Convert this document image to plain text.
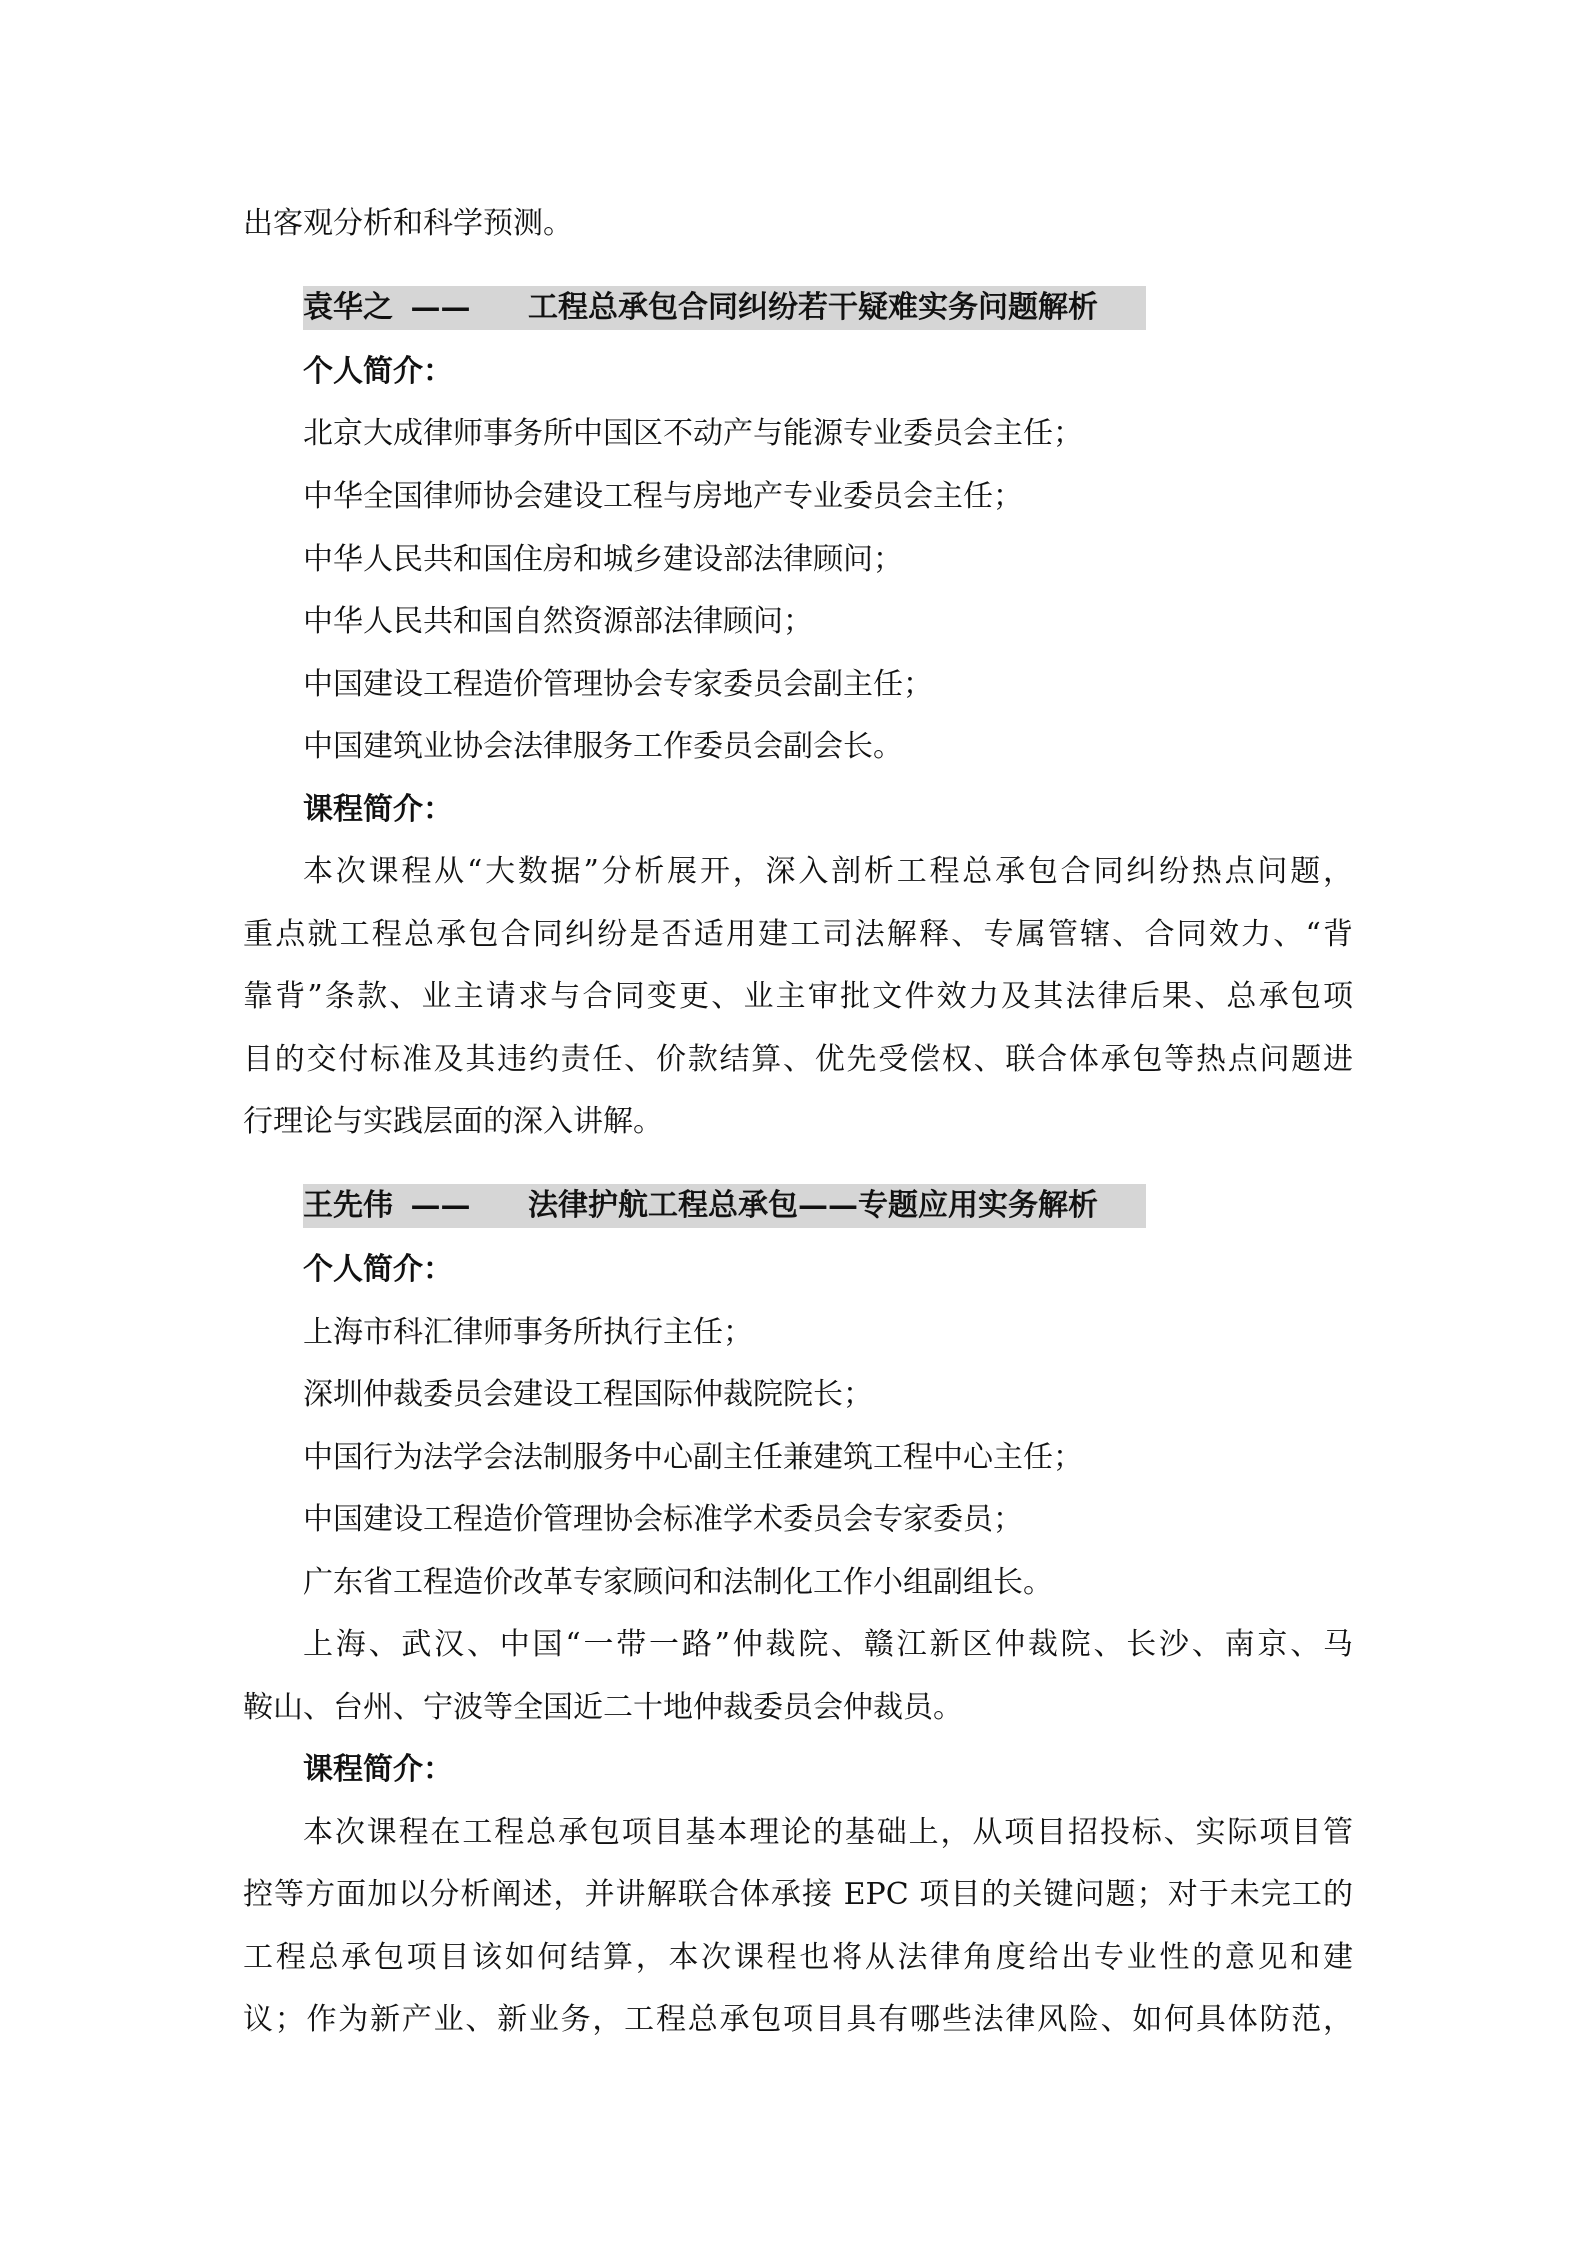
出客观分析和科学预测。
袁华之 —— 工程总承包合同纠纷若干疑难实务问题解析
个人简介：
北京大成律师事务所中国区不动产与能源专业委员会主任；
中华全国律师协会建设工程与房地产专业委员会主任；
中华人民共和国住房和城乡建设部法律顾问；
中华人民共和国自然资源部法律顾问；
中国建设工程造价管理协会专家委员会副主任；
中国建筑业协会法律服务工作委员会副会长。
课程简介：
本次课程从“大数据”分析展开，深入剖析工程总承包合同纠纷热点问题，
重点就工程总承包合同纠纷是否适用建工司法解释、专属管辖、合同效力、“背
靠背”条款、业主请求与合同变更、业主审批文件效力及其法律后果、总承包项
目的交付标准及其违约责任、价款结算、优先受偿权、联合体承包等热点问题进
行理论与实践层面的深入讲解。
王先伟 —— 法律护航工程总承包——专题应用实务解析
个人简介：
上海市科汇律师事务所执行主任；
深圳仲裁委员会建设工程国际仲裁院院长；
中国行为法学会法制服务中心副主任兼建筑工程中心主任；
中国建设工程造价管理协会标准学术委员会专家委员；
广东省工程造价改革专家顾问和法制化工作小组副组长。
上海、武汉、中国“一带一路”仲裁院、赣江新区仲裁院、长沙、南京、马
鞍山、台州、宁波等全国近二十地仲裁委员会仲裁员。
课程简介：
本次课程在工程总承包项目基本理论的基础上，从项目招投标、实际项目管
控等方面加以分析阐述，并讲解联合体承接 EPC 项目的关键问题；对于未完工的
工程总承包项目该如何结算，本次课程也将从法律角度给出专业性的意见和建
议；作为新产业、新业务，工程总承包项目具有哪些法律风险、如何具体防范，
